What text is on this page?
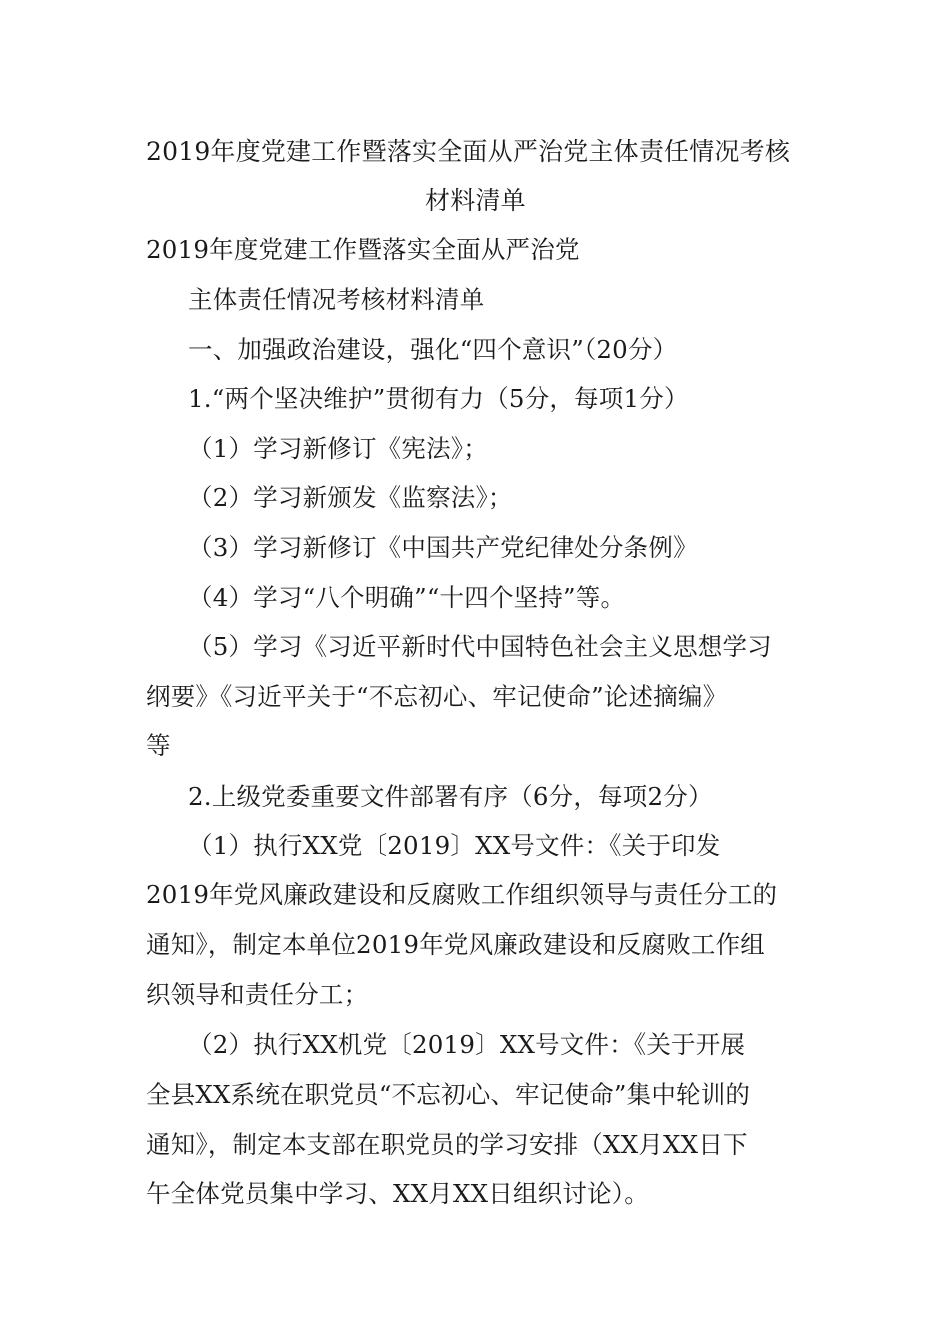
2019年度党建工作暨落实全面从严治党主体责任情况考核

材料清单

2019年度党建工作暨落实全面从严治党

主体责任情况考核材料清单

一、加强政治建设，强化“四个意识”（20分）

1.“两个坚决维护”贯彻有力（5分，每项1分）

（1）学习新修订《宪法》；

（2）学习新颁发《监察法》；

（3）学习新修订《中国共产党纪律处分条例》

（4）学习“八个明确”“十四个坚持”等。

（5）学习《习近平新时代中国特色社会主义思想学习

纲要》《习近平关于“不忘初心、牢记使命”论述摘编》

等

2.上级党委重要文件部署有序（6分，每项2分）

（1）执行XX党〔2019〕XX号文件：《关于印发

2019年党风廉政建设和反腐败工作组织领导与责任分工的

通知》，制定本单位2019年党风廉政建设和反腐败工作组

织领导和责任分工；

（2）执行XX机党〔2019〕XX号文件：《关于开展

全县XX系统在职党员“不忘初心、牢记使命”集中轮训的

通知》，制定本支部在职党员的学习安排（XX月XX日下

午全体党员集中学习、XX月XX日组织讨论）。
